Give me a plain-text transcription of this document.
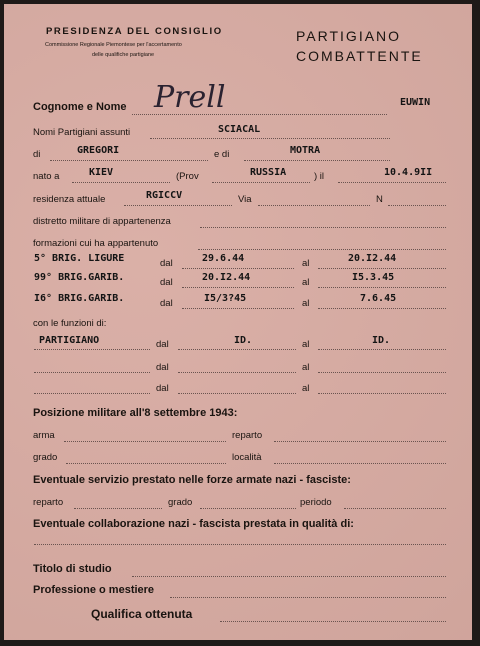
PRESIDENZA DEL CONSIGLIO
Commissione Regionale Piemontese per l'accertamento
delle qualifiche partigiane
PARTIGIANO
COMBATTENTE
Cognome e Nome Prell	EUWIN
Nomi Partigiani assunti	SCIACAL
di	GREGORI	e di	MOTRA
nato a	KIEV	(Prov	RUSSIA	) il	10.4.9II
residenza attuale	RGICCV	Via	N
distretto militare di appartenenza
formazioni cui ha appartenuto
5° BRIG. LIGURE	dal	29.6.44	al	20.I2.44
99° BRIG.GARIB.	dal	20.I2.44	al	I5.3.45
I6° BRIG.GARIB.	dal	I5/3?45	al	7.6.45
con le funzioni di:
PARTIGIANO	dal	ID.	al	ID.
dal	al
dal	al
Posizione militare all'8 settembre 1943:
arma	reparto
grado	località
Eventuale servizio prestato nelle forze armate nazi - fasciste:
reparto	grado	periodo
Eventuale collaborazione nazi - fascista prestata in qualità di:
Titolo di studio
Professione o mestiere
Qualifica ottenuta
